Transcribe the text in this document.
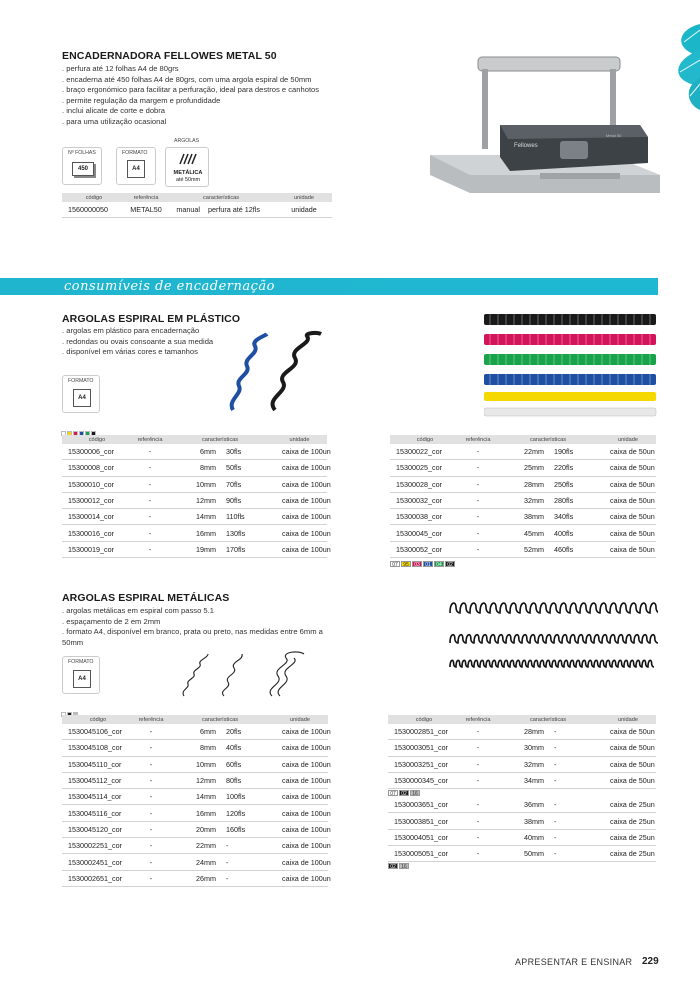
ENCADERNADORA FELLOWES METAL 50
. perfura até 12 folhas A4 de 80grs
. encaderna até 450 folhas A4 de 80grs, com uma argola espiral de 50mm
. braço ergonómico para facilitar a perfuração, ideal para destros e canhotos
. permite regulação da margem e profundidade
. inclui alicate de corte e dobra
. para uma utilização ocasional
ARGOLAS
Nº FOLHAS
450
FORMATO
A4
METÁLICA
até 50mm
código	referência	características	unidade
1560000050	METAL50	manual	perfura até 12fls	unidade
Fellowes
Metal 50
consumíveis de encadernação
ARGOLAS ESPIRAL EM PLÁSTICO
. argolas em plástico para encadernação
. redondas ou ovais consoante a sua medida
. disponível em várias cores e tamanhos
FORMATO
A4
código	referência	características	unidade
15300006_cor	-	6mm	30fls	caixa de 100un
15300008_cor	-	8mm	50fls	caixa de 100un
15300010_cor	-	10mm	70fls	caixa de 100un
15300012_cor	-	12mm	90fls	caixa de 100un
15300014_cor	-	14mm	110fls	caixa de 100un
15300016_cor	-	16mm	130fls	caixa de 100un
15300019_cor	-	19mm	170fls	caixa de 100un
código	referência	características	unidade
15300022_cor	-	22mm	190fls	caixa de 50un
15300025_cor	-	25mm	220fls	caixa de 50un
15300028_cor	-	28mm	250fls	caixa de 50un
15300032_cor	-	32mm	280fls	caixa de 50un
15300038_cor	-	38mm	340fls	caixa de 50un
15300045_cor	-	45mm	400fls	caixa de 50un
15300052_cor	-	52mm	460fls	caixa de 50un
07	95	03	01	04	02
ARGOLAS ESPIRAL METÁLICAS
. argolas metálicas em espiral com passo 5.1
. espaçamento de 2 em 2mm
. formato A4, disponível em branco, prata ou preto, nas medidas entre 6mm a 50mm
FORMATO
A4
código	referência	características	unidade
1530045106_cor	-	6mm	20fls	caixa de 100un
1530045108_cor	-	8mm	40fls	caixa de 100un
1530045110_cor	-	10mm	60fls	caixa de 100un
1530045112_cor	-	12mm	80fls	caixa de 100un
1530045114_cor	-	14mm	100fls	caixa de 100un
1530045116_cor	-	16mm	120fls	caixa de 100un
1530045120_cor	-	20mm	160fls	caixa de 100un
1530002251_cor	-	22mm	-	caixa de 100un
1530002451_cor	-	24mm	-	caixa de 100un
1530002651_cor	-	26mm	-	caixa de 100un
código	referência	características	unidade
1530002851_cor	-	28mm	-	caixa de 50un
1530003051_cor	-	30mm	-	caixa de 50un
1530003251_cor	-	32mm	-	caixa de 50un
1530000345_cor	-	34mm	-	caixa de 50un
07	02	16
1530003651_cor	-	36mm	-	caixa de 25un
1530003851_cor	-	38mm	-	caixa de 25un
1530004051_cor	-	40mm	-	caixa de 25un
1530005051_cor	-	50mm	-	caixa de 25un
02	16
APRESENTAR E ENSINAR 229
